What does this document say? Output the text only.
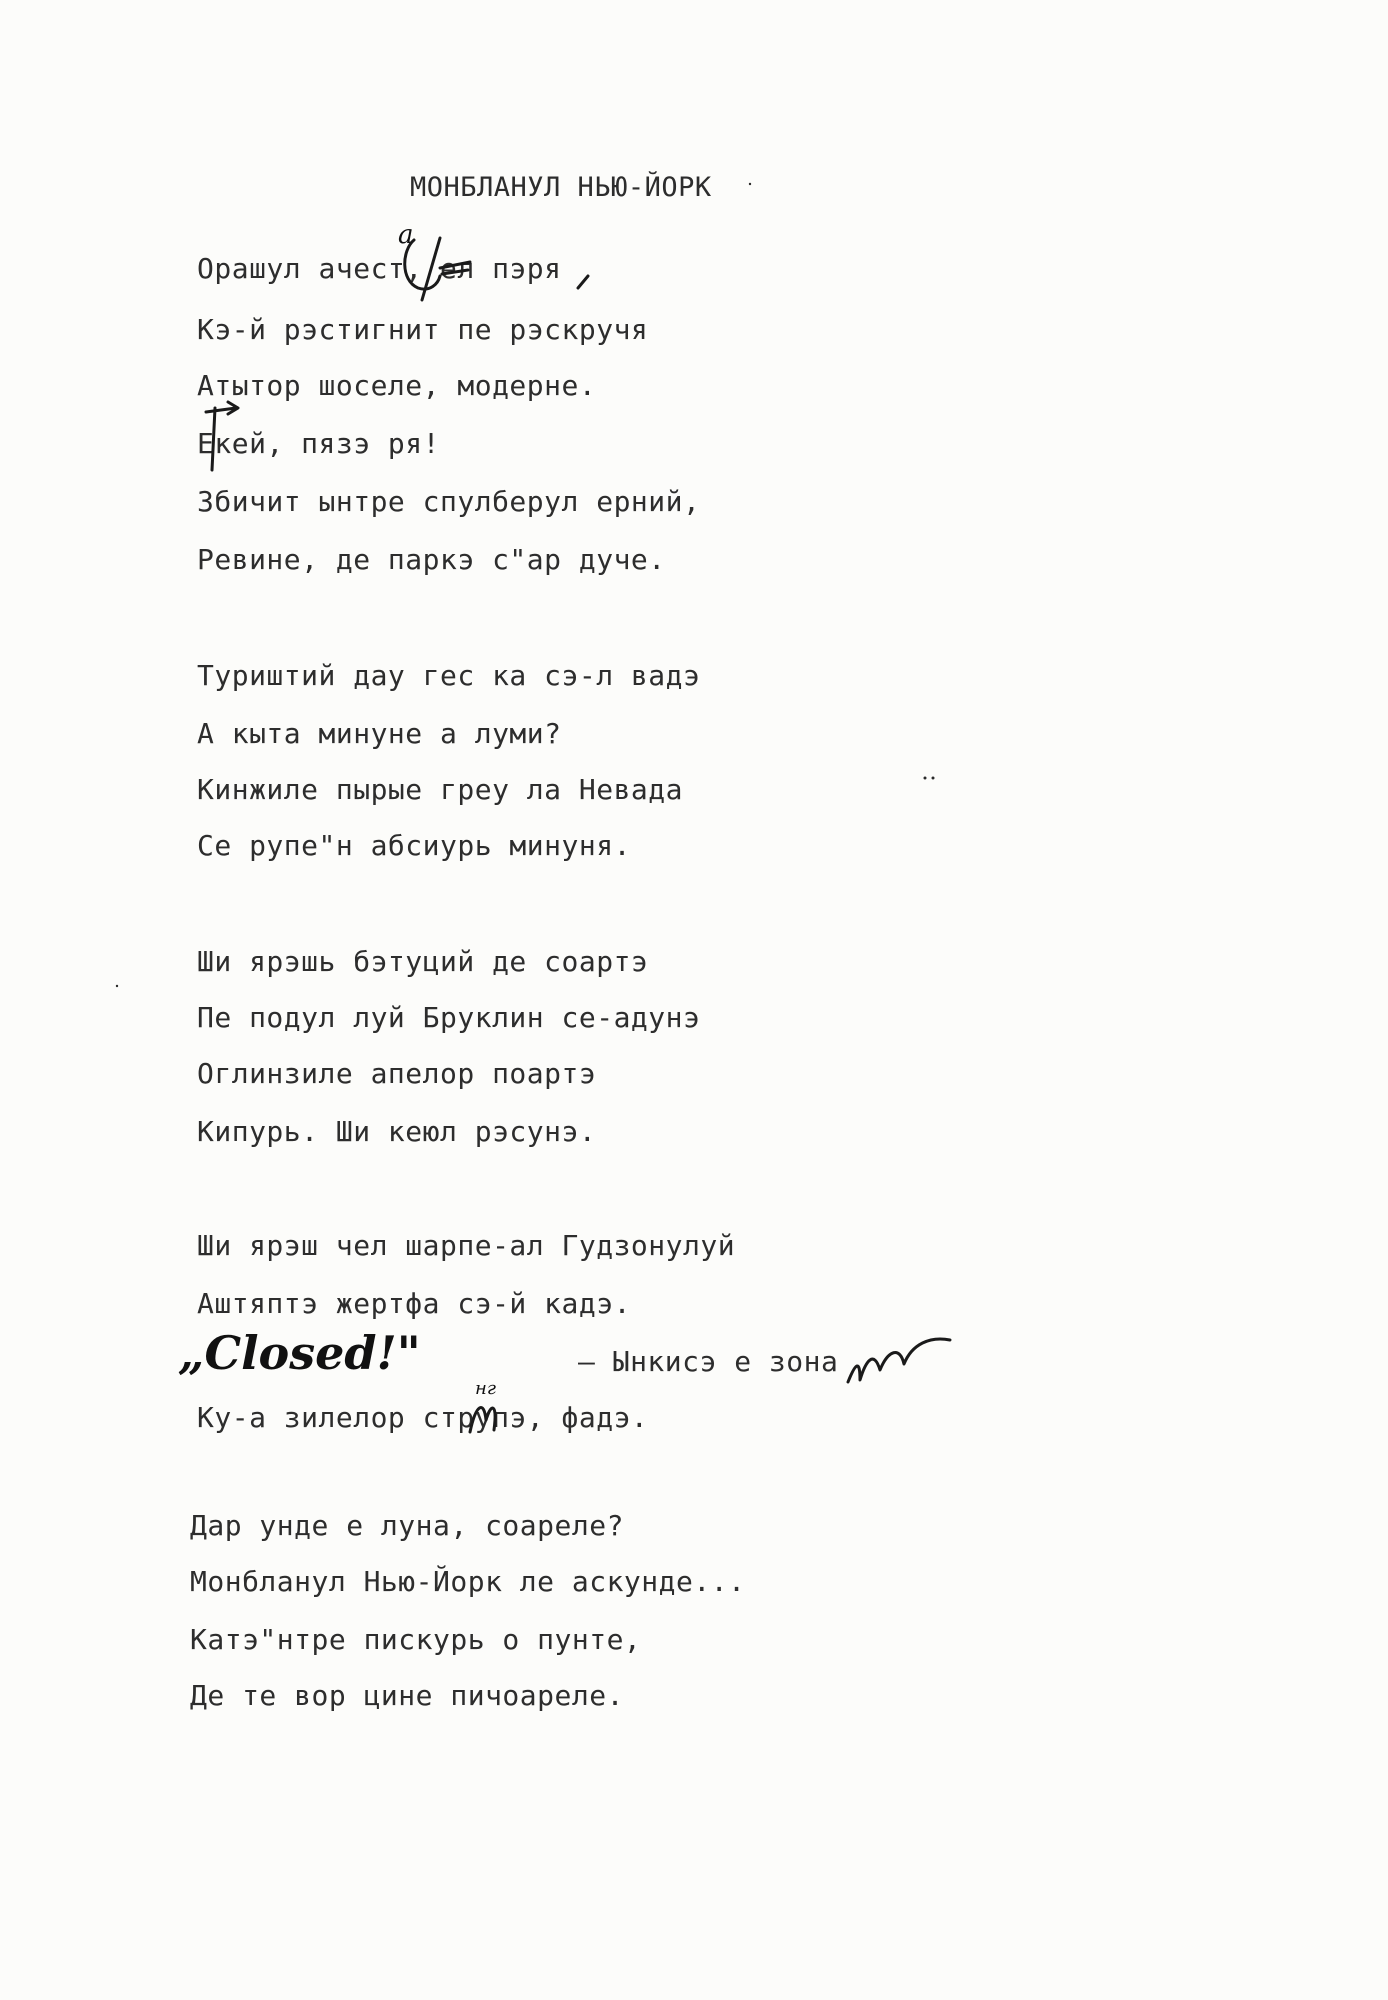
МОНБЛАНУЛ НЬЮ-ЙОРК
Орашул ачест, ел пэря
Кэ-й рэстигнит пе рэскручя
Атытор шоселе, модерне.
Екей, пязэ ря!
Збичит ынтре спулберул ерний,
Ревине, де паркэ с"ар дуче.
Туриштий дау гес ка сэ-л вадэ
А кыта минуне а луми?
Кинжиле пырые греу ла Невада
Се рупе"н абсиурь минуня.
Ши ярэшь бэтуций де соартэ
Пе подул луй Бруклин се-адунэ
Оглинзиле апелор поартэ
Кипурь. Ши кеюл рэсунэ.
Ши ярэш чел шарпе-ал Гудзонулуй
Аштяптэ жертфа сэ-й кадэ.
– Ынкисэ е зона
Ку-а зилелор струпэ, фадэ.
Дар унде е луна, соареле?
Монбланул Нью-Йорк ле аскунде...
Катэ"нтре пискурь о пунте,
Де те вор цине пичоареле.
„Closed!"
а
нг
